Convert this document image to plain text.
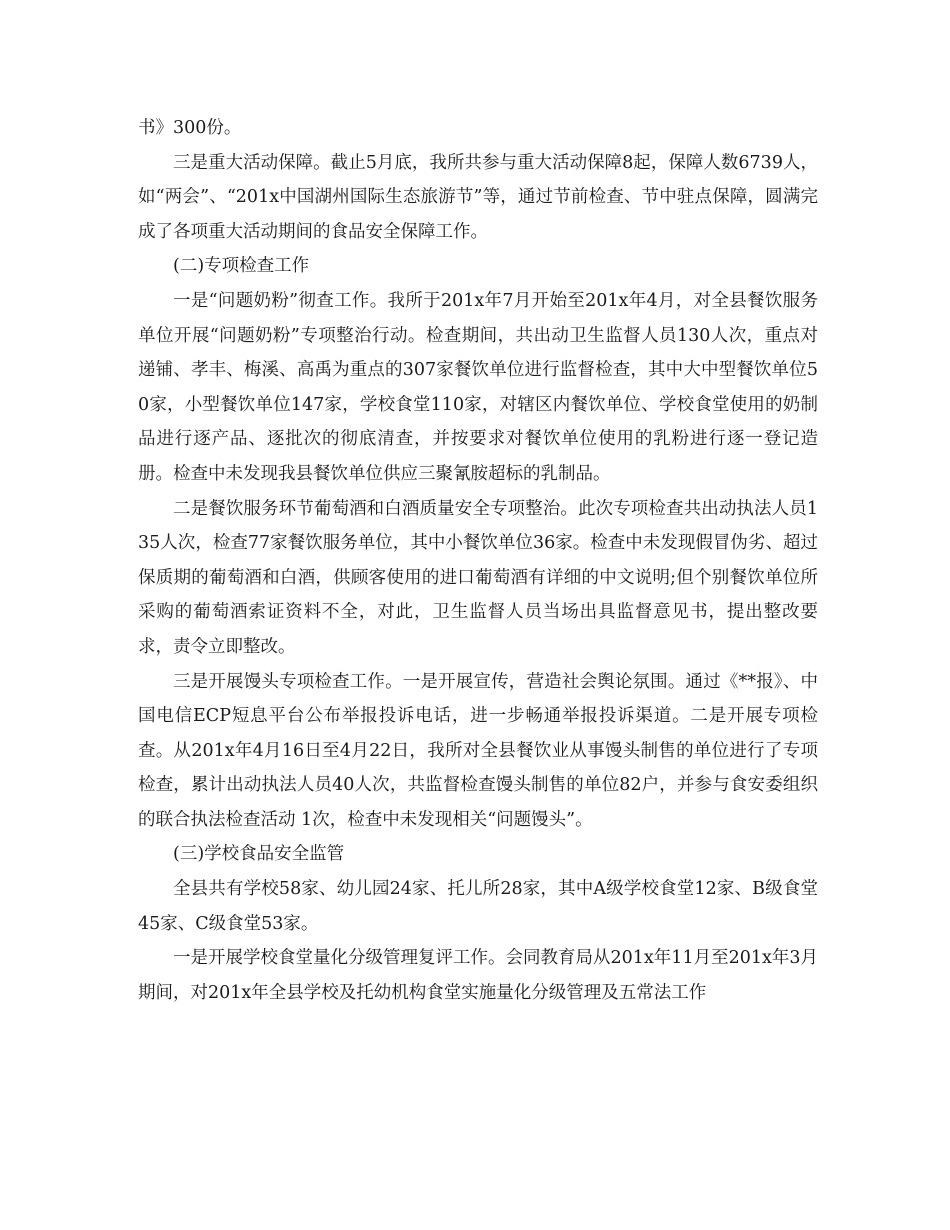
书》300份。

三是重大活动保障。截止5月底，我所共参与重大活动保障8起，保障人数6739人，如“两会”、“201x中国湖州国际生态旅游节”等，通过节前检查、节中驻点保障，圆满完成了各项重大活动期间的食品安全保障工作。

(二)专项检查工作

一是“问题奶粉”彻查工作。我所于201x年7月开始至201x年4月，对全县餐饮服务单位开展“问题奶粉”专项整治行动。检查期间，共出动卫生监督人员130人次，重点对递铺、孝丰、梅溪、高禹为重点的307家餐饮单位进行监督检查，其中大中型餐饮单位50家，小型餐饮单位147家，学校食堂110家，对辖区内餐饮单位、学校食堂使用的奶制品进行逐产品、逐批次的彻底清查，并按要求对餐饮单位使用的乳粉进行逐一登记造册。检查中未发现我县餐饮单位供应三聚氰胺超标的乳制品。

二是餐饮服务环节葡萄酒和白酒质量安全专项整治。此次专项检查共出动执法人员135人次，检查77家餐饮服务单位，其中小餐饮单位36家。检查中未发现假冒伪劣、超过保质期的葡萄酒和白酒，供顾客使用的进口葡萄酒有详细的中文说明;但个别餐饮单位所采购的葡萄酒索证资料不全，对此，卫生监督人员当场出具监督意见书，提出整改要求，责令立即整改。

三是开展馒头专项检查工作。一是开展宣传，营造社会舆论氛围。通过《**报》、中国电信ECP短息平台公布举报投诉电话，进一步畅通举报投诉渠道。二是开展专项检查。从201x年4月16日至4月22日，我所对全县餐饮业从事馒头制售的单位进行了专项检查，累计出动执法人员40人次，共监督检查馒头制售的单位82户，并参与食安委组织的联合执法检查活动 1次，检查中未发现相关“问题馒头”。

(三)学校食品安全监管

全县共有学校58家、幼儿园24家、托儿所28家，其中A级学校食堂12家、B级食堂45家、C级食堂53家。

一是开展学校食堂量化分级管理复评工作。会同教育局从201x年11月至201x年3月期间，对201x年全县学校及托幼机构食堂实施量化分级管理及五常法工作
